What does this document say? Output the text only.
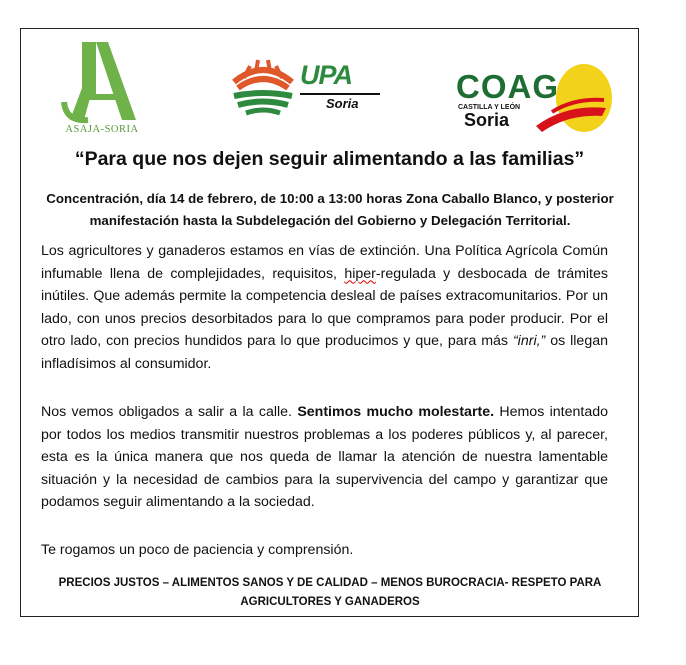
ASAJA-SORIA
UPA
Soria	COAG
CASTILLA Y LEÓN
Soria
“Para que nos dejen seguir alimentando a las familias”
Concentración, día 14 de febrero, de 10:00 a 13:00 horas Zona Caballo Blanco, y posterior manifestación hasta la Subdelegación del Gobierno y Delegación Territorial.
Los agricultores y ganaderos estamos en vías de extinción. Una Política Agrícola Común infumable llena de complejidades, requisitos, hiper-regulada y desbocada de trámites inútiles. Que además permite la competencia desleal de países extracomunitarios. Por un lado, con unos precios desorbitados para lo que compramos para poder producir. Por el otro lado, con precios hundidos para lo que producimos y que, para más “inri,” os llegan infladísimos al consumidor.
Nos vemos obligados a salir a la calle. Sentimos mucho molestarte. Hemos intentado por todos los medios transmitir nuestros problemas a los poderes públicos y, al parecer, esta es la única manera que nos queda de llamar la atención de nuestra lamentable situación y la necesidad de cambios para la supervivencia del campo y garantizar que podamos seguir alimentando a la sociedad.
Te rogamos un poco de paciencia y comprensión.
PRECIOS JUSTOS – ALIMENTOS SANOS Y DE CALIDAD – MENOS BUROCRACIA- RESPETO PARA AGRICULTORES Y GANADEROS
